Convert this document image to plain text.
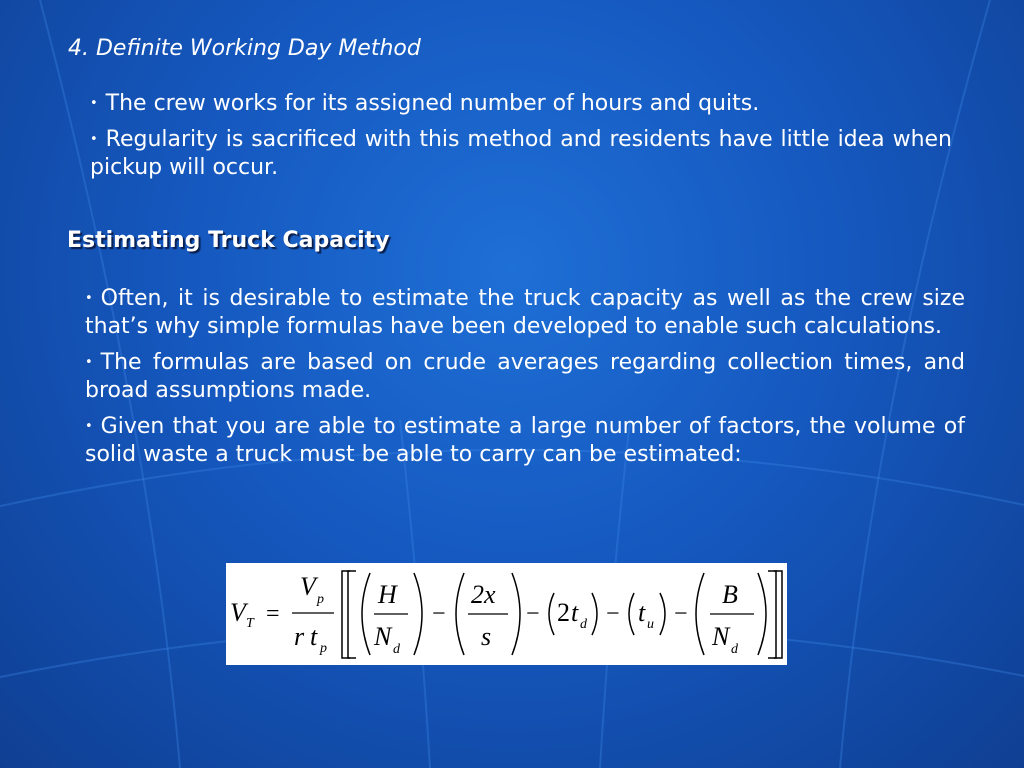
4. Definite Working Day Method

• The crew works for its assigned number of hours and quits.

• Regularity is sacrificed with this method and residents have little idea when pickup will occur.

Estimating Truck Capacity

• Often, it is desirable to estimate the truck capacity as well as the crew size that’s why simple formulas have been developed to enable such calculations.

• The formulas are based on crude averages regarding collection times, and broad assumptions made.

• Given that you are able to estimate a large number of factors, the volume of solid waste a truck must be able to carry can be estimated:

V T =
V p
r t p
H
N d
−
2x
s
− 2 t d − t u −
B
N d
